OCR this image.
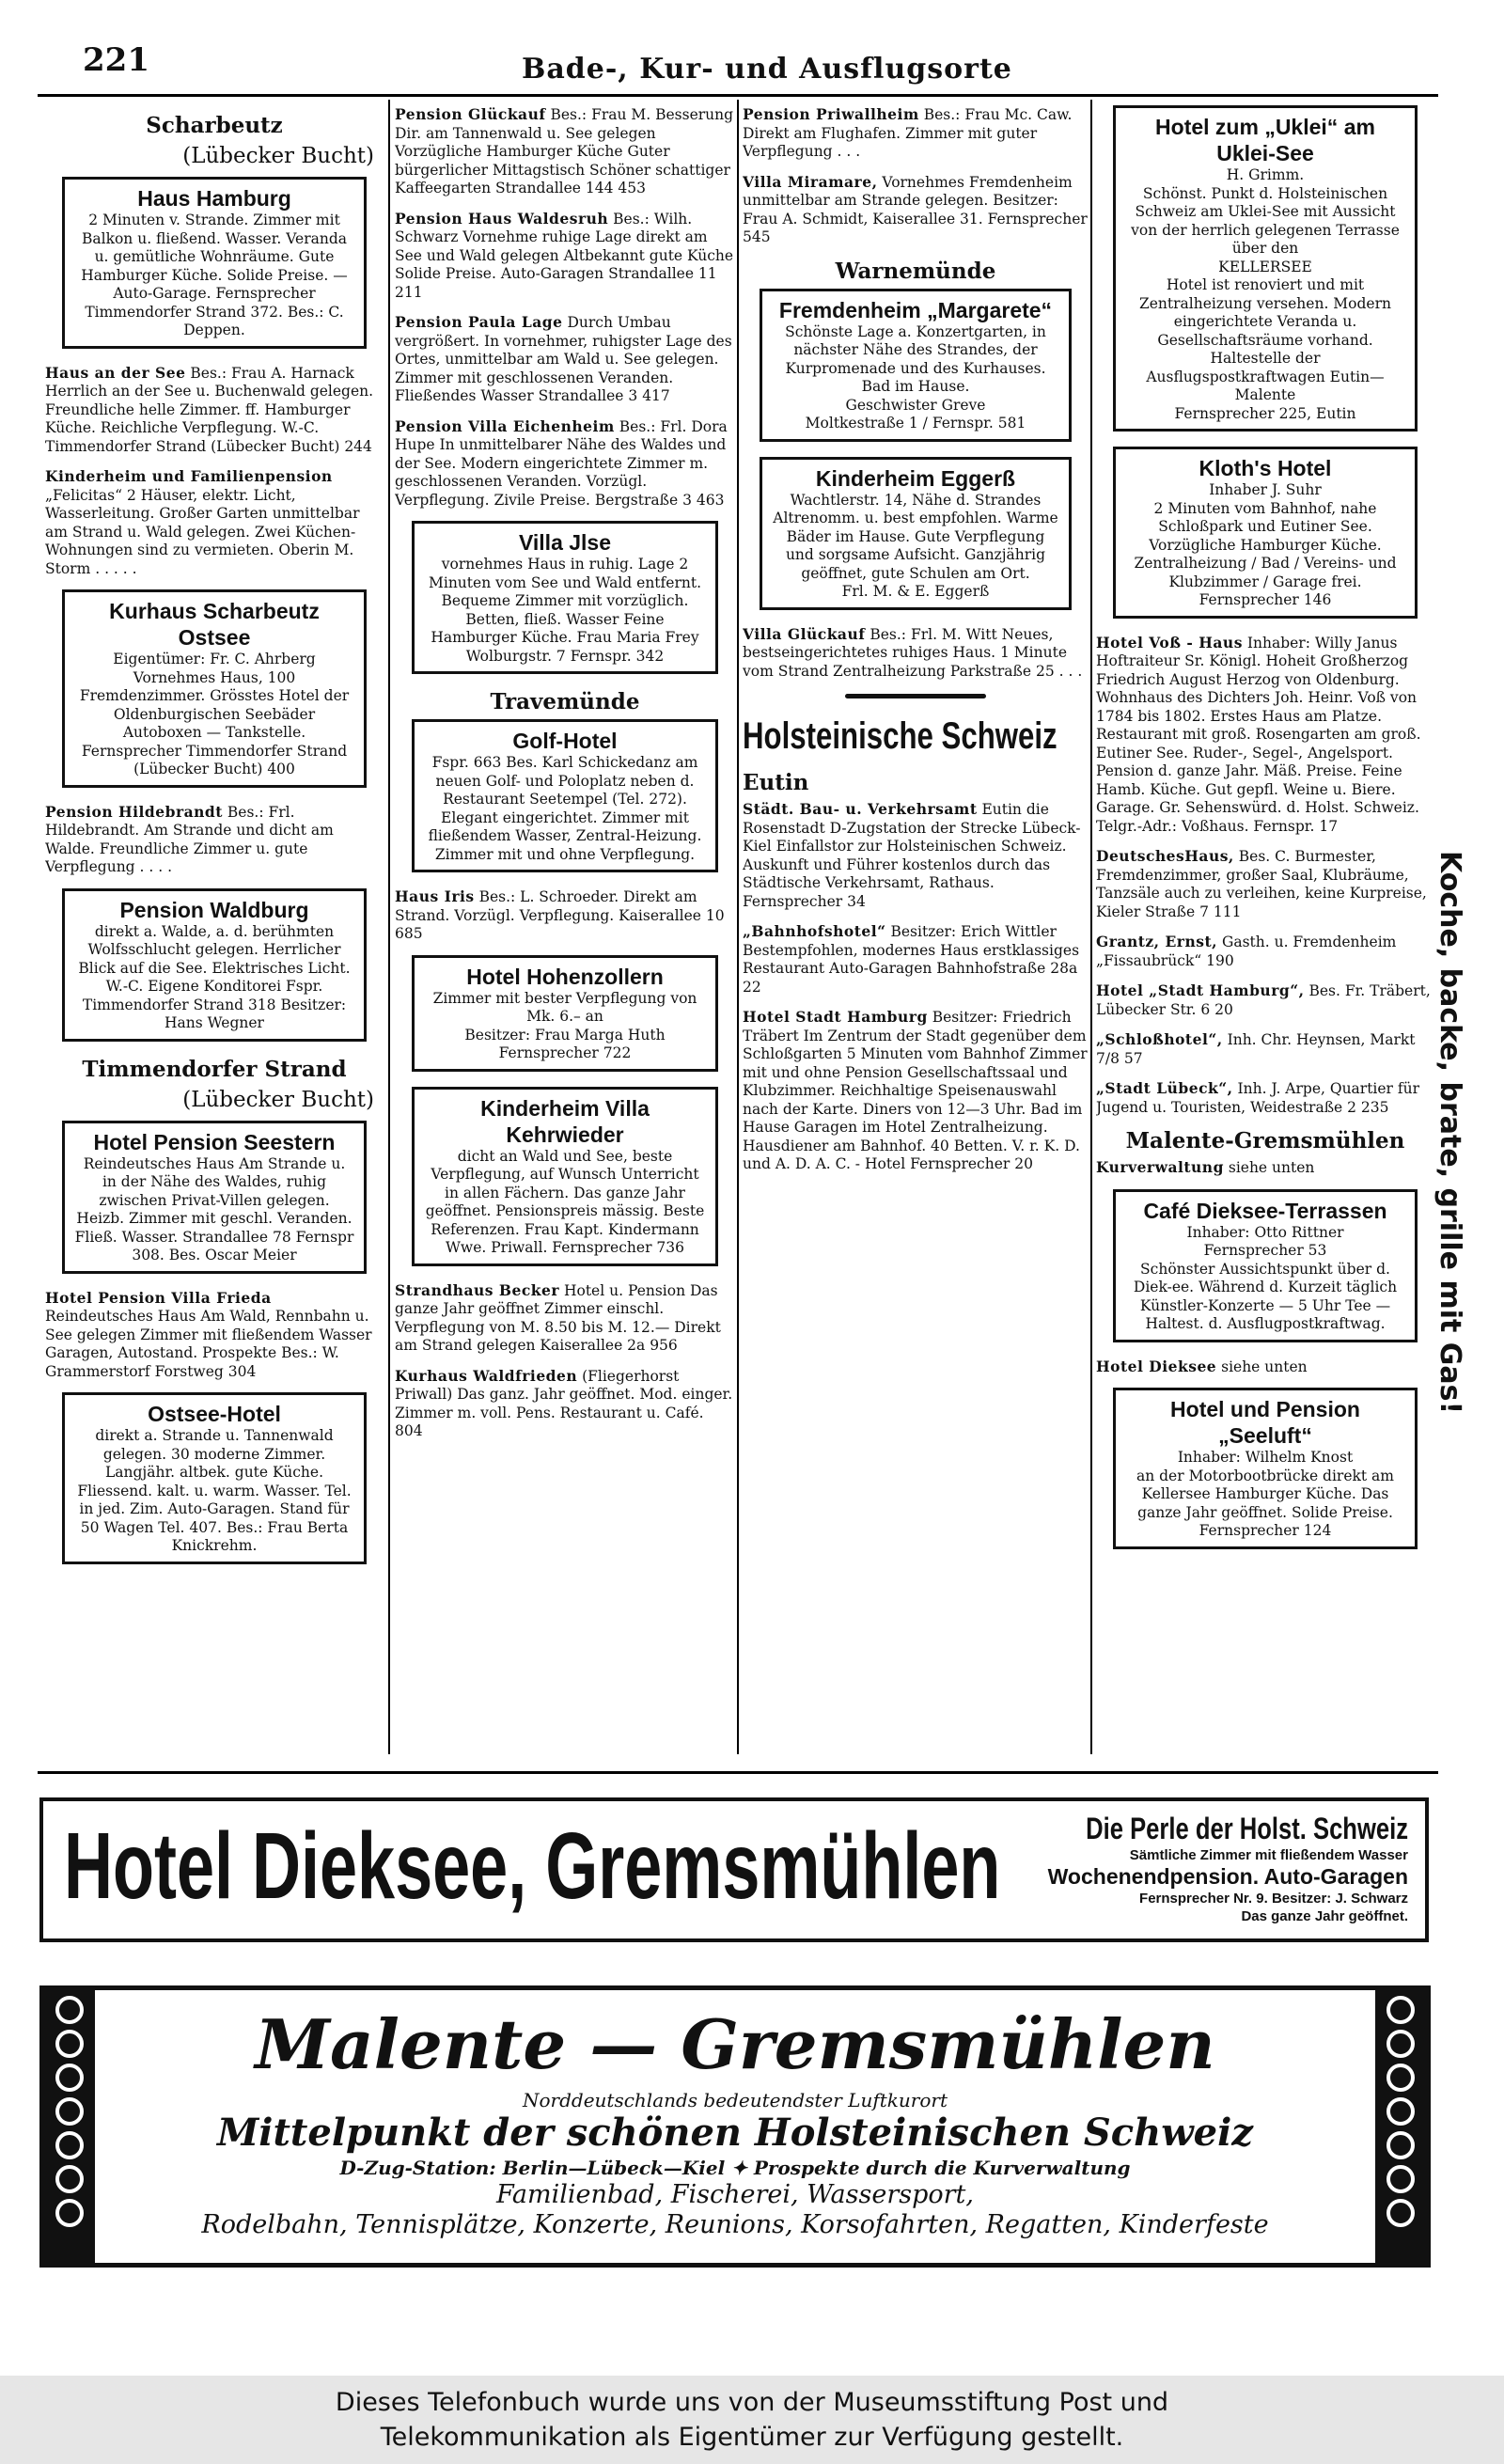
221	Bade-, Kur- und Ausflugsorte
Scharbeutz
(Lübecker Bucht)
Haus Hamburg
2 Minuten v. Strande. Zimmer mit Balkon u. fließend. Wasser. Veranda u. gemütliche Wohnräume. Gute Hamburger Küche. Solide Preise. — Auto-Garage. Fernsprecher Timmendorfer Strand 372. Bes.: C. Deppen.
Haus an der See Bes.: Frau A. Harnack Herrlich an der See u. Buchenwald gelegen. Freundliche helle Zimmer. ff. Hamburger Küche. Reichliche Verpflegung. W.-C. Timmendorfer Strand (Lübecker Bucht) 244
Kinderheim und Familienpension „Felicitas“ 2 Häuser, elektr. Licht, Wasserleitung. Großer Garten unmittelbar am Strand u. Wald gelegen. Zwei Küchen-Wohnungen sind zu vermieten. Oberin M. Storm . . . . .
Kurhaus Scharbeutz Ostsee
Eigentümer: Fr. C. Ahrberg Vornehmes Haus, 100 Fremdenzimmer. Grösstes Hotel der Oldenburgischen Seebäder Autoboxen — Tankstelle. Fernsprecher Timmendorfer Strand (Lübecker Bucht) 400
Pension Hildebrandt Bes.: Frl. Hildebrandt. Am Strande und dicht am Walde. Freundliche Zimmer u. gute Verpflegung . . . .
Pension Waldburg
direkt a. Walde, a. d. berühmten Wolfsschlucht gelegen. Herrlicher Blick auf die See. Elektrisches Licht. W.-C. Eigene Konditorei Fspr. Timmendorfer Strand 318 Besitzer: Hans Wegner
Timmendorfer Strand
(Lübecker Bucht)
Hotel Pension Seestern
Reindeutsches Haus Am Strande u. in der Nähe des Waldes, ruhig zwischen Privat-Villen gelegen. Heizb. Zimmer mit geschl. Veranden. Fließ. Wasser. Strandallee 78 Fernspr 308. Bes. Oscar Meier
Hotel Pension Villa Frieda Reindeutsches Haus Am Wald, Rennbahn u. See gelegen Zimmer mit fließendem Wasser Garagen, Autostand. Prospekte Bes.: W. Grammerstorf Forstweg 304
Ostsee-Hotel
direkt a. Strande u. Tannenwald gelegen. 30 moderne Zimmer. Langjähr. altbek. gute Küche. Fliessend. kalt. u. warm. Wasser. Tel. in jed. Zim. Auto-Garagen. Stand für 50 Wagen Tel. 407. Bes.: Frau Berta Knickrehm.
Pension Glückauf Bes.: Frau M. Besserung Dir. am Tannenwald u. See gelegen Vorzügliche Hamburger Küche Guter bürgerlicher Mittagstisch Schöner schattiger Kaffeegarten Strandallee 144 453
Pension Haus Waldesruh Bes.: Wilh. Schwarz Vornehme ruhige Lage direkt am See und Wald gelegen Altbekannt gute Küche Solide Preise. Auto-Garagen Strandallee 11 211
Pension Paula Lage Durch Umbau vergrößert. In vornehmer, ruhigster Lage des Ortes, unmittelbar am Wald u. See gelegen. Zimmer mit geschlossenen Veranden. Fließendes Wasser Strandallee 3 417
Pension Villa Eichenheim Bes.: Frl. Dora Hupe In unmittelbarer Nähe des Waldes und der See. Modern eingerichtete Zimmer m. geschlossenen Veranden. Vorzügl. Verpflegung. Zivile Preise. Bergstraße 3 463
Villa Jlse
vornehmes Haus in ruhig. Lage 2 Minuten vom See und Wald entfernt. Bequeme Zimmer mit vorzüglich. Betten, fließ. Wasser Feine Hamburger Küche. Frau Maria Frey Wolburgstr. 7 Fernspr. 342
Travemünde
Golf-Hotel
Fspr. 663 Bes. Karl Schickedanz am neuen Golf- und Poloplatz neben d. Restaurant Seetempel (Tel. 272). Elegant eingerichtet. Zimmer mit fließendem Wasser, Zentral-Heizung. Zimmer mit und ohne Verpflegung.
Haus Iris Bes.: L. Schroeder. Direkt am Strand. Vorzügl. Verpflegung. Kaiserallee 10 685
Hotel Hohenzollern
Zimmer mit bester Verpflegung von Mk. 6.– an
Besitzer: Frau Marga Huth
Fernsprecher 722
Kinderheim Villa Kehrwieder
dicht an Wald und See, beste Verpflegung, auf Wunsch Unterricht in allen Fächern. Das ganze Jahr geöffnet. Pensionspreis mässig. Beste Referenzen. Frau Kapt. Kindermann Wwe. Priwall. Fernsprecher 736
Strandhaus Becker Hotel u. Pension Das ganze Jahr geöffnet Zimmer einschl. Verpflegung von M. 8.50 bis M. 12.— Direkt am Strand gelegen Kaiserallee 2a 956
Kurhaus Waldfrieden (Fliegerhorst Priwall) Das ganz. Jahr geöffnet. Mod. einger. Zimmer m. voll. Pens. Restaurant u. Café. 804
Pension Priwallheim Bes.: Frau Mc. Caw. Direkt am Flughafen. Zimmer mit guter Verpflegung . . .
Villa Miramare, Vornehmes Fremdenheim unmittelbar am Strande gelegen. Besitzer: Frau A. Schmidt, Kaiserallee 31. Fernsprecher 545
Warnemünde
Fremdenheim „Margarete“
Schönste Lage a. Konzertgarten, in nächster Nähe des Strandes, der Kurpromenade und des Kurhauses. Bad im Hause.
Geschwister Greve
Moltkestraße 1 / Fernspr. 581
Kinderheim Eggerß
Wachtlerstr. 14, Nähe d. Strandes Altrenomm. u. best empfohlen. Warme Bäder im Hause. Gute Verpflegung und sorgsame Aufsicht. Ganzjährig geöffnet, gute Schulen am Ort.
Frl. M. & E. Eggerß
Villa Glückauf Bes.: Frl. M. Witt Neues, bestseingerichtetes ruhiges Haus. 1 Minute vom Strand Zentralheizung Parkstraße 25 . . .
Holsteinische Schweiz
Eutin
Städt. Bau- u. Verkehrsamt Eutin die Rosenstadt D-Zugstation der Strecke Lübeck-Kiel Einfallstor zur Holsteinischen Schweiz. Auskunft und Führer kostenlos durch das Städtische Verkehrsamt, Rathaus. Fernsprecher 34
„Bahnhofshotel“ Besitzer: Erich Wittler Bestempfohlen, modernes Haus erstklassiges Restaurant Auto-Garagen Bahnhofstraße 28a 22
Hotel Stadt Hamburg Besitzer: Friedrich Träbert Im Zentrum der Stadt gegenüber dem Schloßgarten 5 Minuten vom Bahnhof Zimmer mit und ohne Pension Gesellschaftssaal und Klubzimmer. Reichhaltige Speisenauswahl nach der Karte. Diners von 12—3 Uhr. Bad im Hause Garagen im Hotel Zentralheizung. Hausdiener am Bahnhof. 40 Betten. V. r. K. D. und A. D. A. C. - Hotel Fernsprecher 20
Hotel zum „Uklei“ am Uklei-See
H. Grimm.
Schönst. Punkt d. Holsteinischen Schweiz am Uklei-See mit Aussicht von der herrlich gelegenen Terrasse über den
KELLERSEE
Hotel ist renoviert und mit Zentralheizung versehen. Modern eingerichtete Veranda u. Gesellschaftsräume vorhand. Haltestelle der Ausflugspostkraftwagen Eutin—Malente
Fernsprecher 225, Eutin
Kloth's Hotel
Inhaber J. Suhr
2 Minuten vom Bahnhof, nahe Schloßpark und Eutiner See. Vorzügliche Hamburger Küche. Zentralheizung / Bad / Vereins- und Klubzimmer / Garage frei.
Fernsprecher 146
Hotel Voß - Haus Inhaber: Willy Janus Hoftraiteur Sr. Königl. Hoheit Großherzog Friedrich August Herzog von Oldenburg. Wohnhaus des Dichters Joh. Heinr. Voß von 1784 bis 1802. Erstes Haus am Platze. Restaurant mit groß. Rosengarten am groß. Eutiner See. Ruder-, Segel-, Angelsport. Pension d. ganze Jahr. Mäß. Preise. Feine Hamb. Küche. Gut gepfl. Weine u. Biere. Garage. Gr. Sehenswürd. d. Holst. Schweiz. Telgr.-Adr.: Voßhaus. Fernspr. 17
DeutschesHaus, Bes. C. Burmester, Fremdenzimmer, großer Saal, Klubräume, Tanzsäle auch zu verleihen, keine Kurpreise, Kieler Straße 7 111
Grantz, Ernst, Gasth. u. Fremdenheim „Fissaubrück“ 190
Hotel „Stadt Hamburg“, Bes. Fr. Träbert, Lübecker Str. 6 20
„Schloßhotel“, Inh. Chr. Heynsen, Markt 7/8 57
„Stadt Lübeck“, Inh. J. Arpe, Quartier für Jugend u. Touristen, Weidestraße 2 235
Malente-Gremsmühlen
Kurverwaltung siehe unten
Café Dieksee-Terrassen
Inhaber: Otto Rittner
Fernsprecher 53
Schönster Aussichtspunkt über d. Diek-ee. Während d. Kurzeit täglich Künstler-Konzerte — 5 Uhr Tee —
Haltest. d. Ausflugpostkraftwag.
Hotel Dieksee siehe unten
Hotel und Pension „Seeluft“
Inhaber: Wilhelm Knost
an der Motorbootbrücke direkt am Kellersee Hamburger Küche. Das ganze Jahr geöffnet. Solide Preise.
Fernsprecher 124
Koche, backe, brate, grille mit Gas!
Hotel Dieksee, Gremsmühlen	Die Perle der Holst. Schweiz
Sämtliche Zimmer mit fließendem Wasser
Wochenendpension. Auto-Garagen
Fernsprecher Nr. 9. Besitzer: J. Schwarz
Das ganze Jahr geöffnet.
Malente — Gremsmühlen
Norddeutschlands bedeutendster Luftkurort
Mittelpunkt der schönen Holsteinischen Schweiz
D-Zug-Station: Berlin—Lübeck—Kiel ✦ Prospekte durch die Kurverwaltung
Familienbad, Fischerei, Wassersport,
Rodelbahn, Tennisplätze, Konzerte, Reunions, Korsofahrten, Regatten, Kinderfeste
Dieses Telefonbuch wurde uns von der Museumsstiftung Post und
Telekommunikation als Eigentümer zur Verfügung gestellt.
